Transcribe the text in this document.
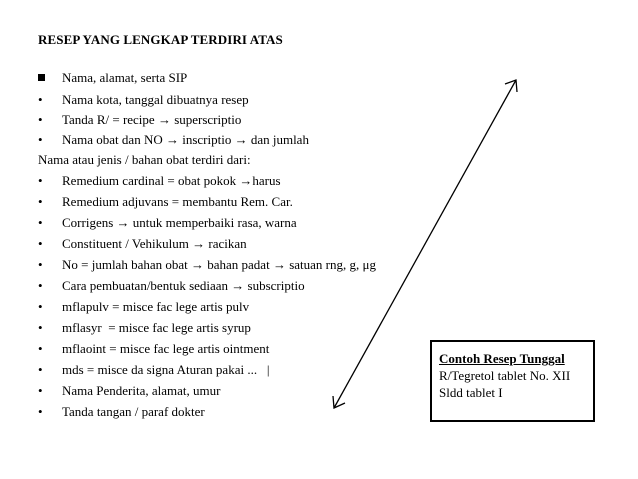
RESEP YANG LENGKAP TERDIRI ATAS
Nama, alamat, serta SIP
•	Nama kota, tanggal dibuatnya resep
•	Tanda R/ = recipe → superscriptio
•	Nama obat dan NO → inscriptio → dan jumlah
Nama atau jenis / bahan obat terdiri dari:
•	Remedium cardinal = obat pokok →harus
•	Remedium adjuvans = membantu Rem. Car.
•	Corrigens → untuk memperbaiki rasa, warna
•	Constituent / Vehikulum → racikan
•	No = jumlah bahan obat → bahan padat → satuan rng, g, μg
•	Cara pembuatan/bentuk sediaan → subscriptio
•	mflapulv = misce fac lege artis pulv
•	mflasyr  = misce fac lege artis syrup
•	mflaoint = misce fac lege artis ointment
•	mds = misce da signa Aturan pakai ...   |
•	Nama Penderita, alamat, umur
•	Tanda tangan / paraf dokter
Contoh Resep Tunggal
R/Tegretol tablet No. XII
Sldd tablet I
